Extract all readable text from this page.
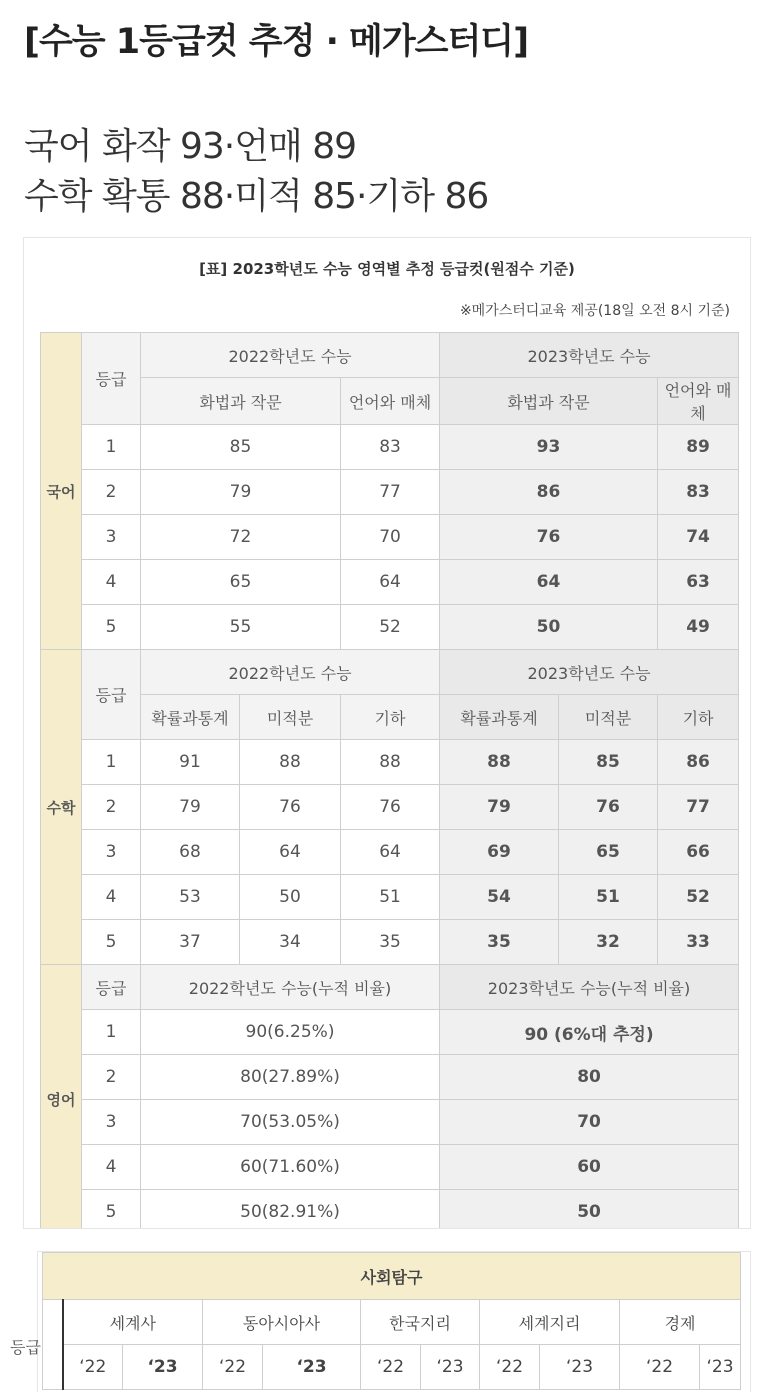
[수능 1등급컷 추정 · 메가스터디]
국어 화작 93·언매 89
수학 확통 88·미적 85·기하 86
[표] 2023학년도 수능 영역별 추정 등급컷(원점수 기준)
※메가스터디교육 제공(18일 오전 8시 기준)
국어	등급	2022학년도 수능			2023학년도 수능		
		화법과 작문		언어와 매체	화법과 작문		언어와 매체
	1	85		83	93		89
	2	79		77	86		83
	3	72		70	76		74
	4	65		64	64		63
	5	55		52	50		49
수학	등급	2022학년도 수능			2023학년도 수능		
		확률과통계	미적분	기하	확률과통계	미적분	기하
	1	91	88	88	88	85	86
	2	79	76	76	79	76	77
	3	68	64	64	69	65	66
	4	53	50	51	54	51	52
	5	37	34	35	35	32	33
영어	등급	2022학년도 수능(누적 비율)			2023학년도 수능(누적 비율)		
	1	90(6.25%)			90 (6%대 추정)		
	2	80(27.89%)			80		
	3	70(53.05%)			70		
	4	60(71.60%)			60		
	5	50(82.91%)			50		
사회탐구										
	세계사		동아시아사		한국지리		세계지리		경제	
	‘22	‘23	‘22	‘23	‘22	‘23	‘22	‘23	‘22	‘23
등급
